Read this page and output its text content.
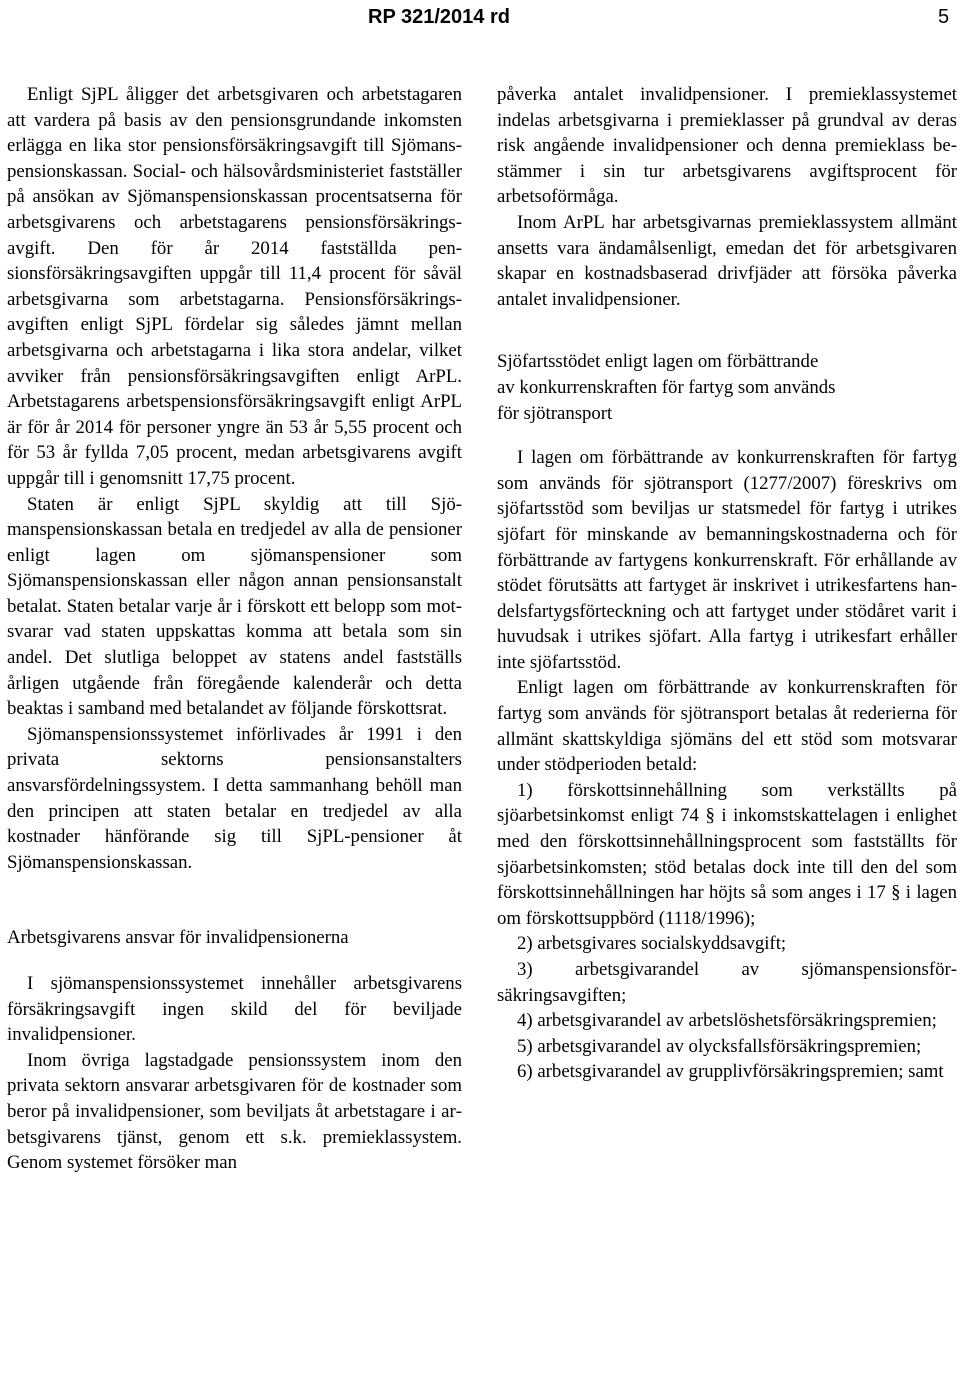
RP 321/2014 rd	5

Enligt SjPL åligger det arbetsgivaren och arbetstagaren att vardera på basis av den pensionsgrundande inkomsten erlägga en lika stor pensionsförsäkringsavgift till Sjömanspensionskassan. Social- och hälsovårdsministeriet fastställer på ansökan av Sjömanspensionskassan procentsatserna för arbetsgivarens och arbetstagarens pensionsförsäkringsavgift. Den för år 2014 fastställda pensionsförsäkringsavgiften uppgår till 11,4 procent för såväl arbetsgivarna som arbetstagarna. Pensionsförsäkrings-avgiften enligt SjPL fördelar sig således jämnt mellan arbetsgivarna och arbetstagarna i lika stora andelar, vilket avviker från pensionsförsäkringsavgiften enligt ArPL. Arbetstagarens arbetspensionsförsäkringsavgift enligt ArPL är för år 2014 för personer yngre än 53 år 5,55 procent och för 53 år fyllda 7,05 procent, medan arbetsgivarens avgift uppgår till i genomsnitt 17,75 procent.

Staten är enligt SjPL skyldig att till Sjömanspensionskassan betala en tredjedel av alla de pensioner enligt lagen om sjömanspensioner som Sjömanspensionskassan eller någon annan pensionsanstalt betalat. Staten betalar varje år i förskott ett belopp som motsvarar vad staten uppskattas komma att betala som sin andel. Det slutliga beloppet av statens andel fastställs årligen utgående från föregående kalenderår och detta beaktas i samband med betalandet av följande förskottsrat.

Sjömanspensionssystemet införlivades år 1991 i den privata sektorns pensionsanstalters ansvarsfördelningssystem. I detta sammanhang behöll man den principen att staten betalar en tredjedel av alla kostnader hänförande sig till SjPL-pensioner åt Sjömanspensionskassan.

Arbetsgivarens ansvar för invalidpensionerna

I sjömanspensionssystemet innehåller arbetsgivarens försäkringsavgift ingen skild del för beviljade invalidpensioner.

Inom övriga lagstadgade pensionssystem inom den privata sektorn ansvarar arbetsgivaren för de kostnader som beror på invalidpensioner, som beviljats åt arbetstagare i arbetsgivarens tjänst, genom ett s.k. premieklassystem. Genom systemet försöker man

påverka antalet invalidpensioner. I premieklassystemet indelas arbetsgivarna i premieklasser på grundval av deras risk angående invalidpensioner och denna premieklass bestämmer i sin tur arbetsgivarens avgiftsprocent för arbetsoförmåga.

Inom ArPL har arbetsgivarnas premieklassystem allmänt ansetts vara ändamålsenligt, emedan det för arbetsgivaren skapar en kostnadsbaserad drivfjäder att försöka påverka antalet invalidpensioner.

Sjöfartsstödet enligt lagen om förbättrande
av konkurrenskraften för fartyg som används
för sjötransport

I lagen om förbättrande av konkurrenskraften för fartyg som används för sjötransport (1277/2007) föreskrivs om sjöfartsstöd som beviljas ur statsmedel för fartyg i utrikes sjöfart för minskande av bemanningskostnaderna och för förbättrande av fartygens konkurrenskraft. För erhållande av stödet förutsätts att fartyget är inskrivet i utrikesfartens handelsfartygsförteckning och att fartyget under stödåret varit i huvudsak i utrikes sjöfart. Alla fartyg i utrikesfart erhåller inte sjöfartsstöd.

Enligt lagen om förbättrande av konkurrenskraften för fartyg som används för sjötransport betalas åt rederierna för allmänt skattskyldiga sjömäns del ett stöd som motsvarar under stödperioden betald:

1) förskottsinnehållning som verkställts på sjöarbetsinkomst enligt 74 § i inkomstskattelagen i enlighet med den förskottsinnehållningsprocent som fastställts för sjöarbetsinkomsten; stöd betalas dock inte till den del som förskottsinnehållningen har höjts så som anges i 17 § i lagen om förskottsuppbörd (1118/1996);

2) arbetsgivares socialskyddsavgift;

3) arbetsgivarandel av sjömanspensionsförsäkringsavgiften;

4) arbetsgivarandel av arbetslöshetsförsäkringspremien;

5) arbetsgivarandel av olycksfallsförsäkringspremien;

6) arbetsgivarandel av grupplivförsäkringspremien; samt
